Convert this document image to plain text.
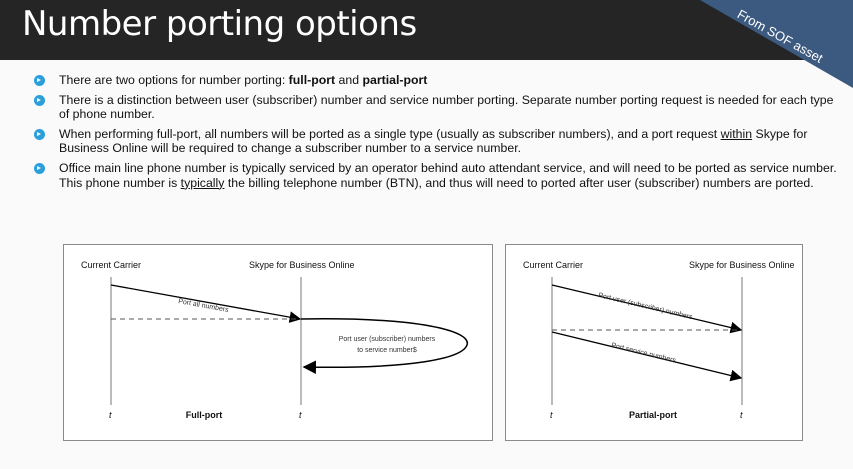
Number porting options	From SOF asset
There are two options for number porting: full-port and partial-port
There is a distinction between user (subscriber) number and service number porting. Separate number porting request is needed for each type of phone number.
When performing full-port, all numbers will be ported as a single type (usually as subscriber numbers), and a port request within Skype for Business Online will be required to change a subscriber number to a service number.
Office main line phone number is typically serviced by an operator behind auto attendant service, and will need to be ported as service number. This phone number is typically the billing telephone number (BTN), and thus will need to ported after user (subscriber) numbers are ported.
Current Carrier	Skype for Business Online
Port all numbers
Port user (subscriber) numbers
to service number$
t	t
Full-port
Current Carrier	Skype for Business Online
Port user (subscriber) numbers
Port service numbers
t	t
Partial-port
